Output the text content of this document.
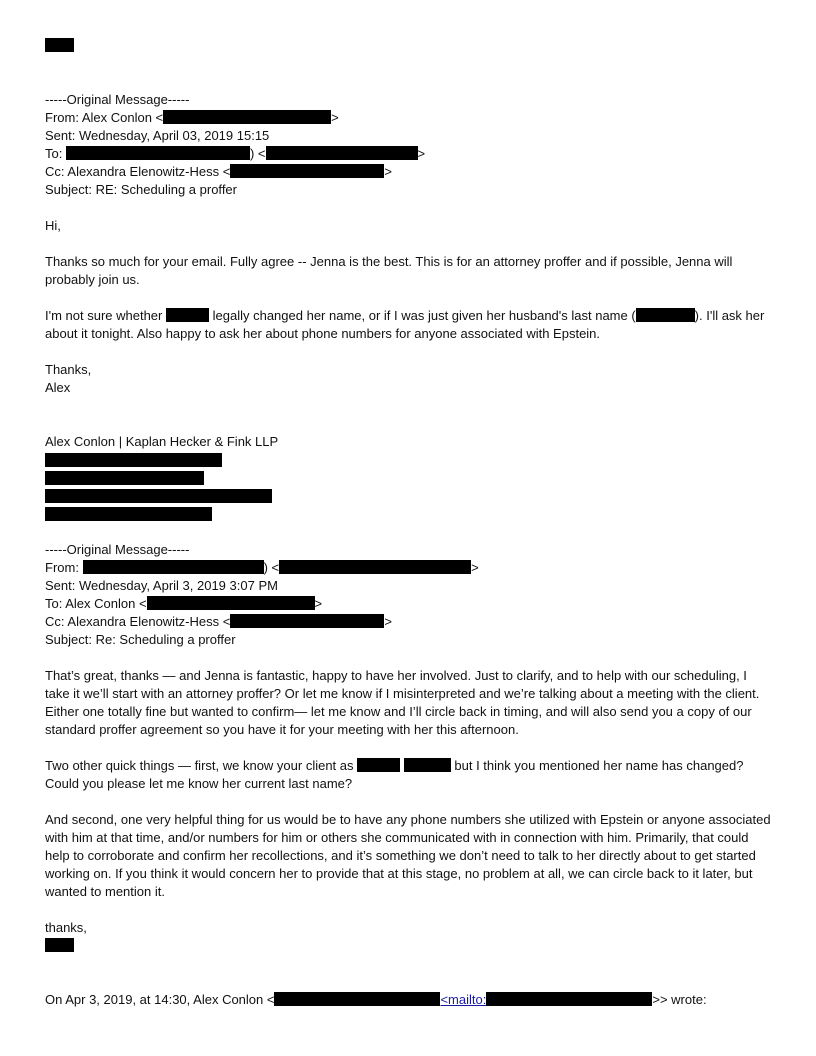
-----Original Message-----
From: Alex Conlon <	>
Sent: Wednesday, April 03, 2019 15:15
To:	) <	>
Cc: Alexandra Elenowitz-Hess <	>
Subject: RE: Scheduling a proffer
Hi,
Thanks so much for your email. Fully agree -- Jenna is the best. This is for an attorney proffer and if possible, Jenna will probably join us.
I'm not sure whether	legally changed her name, or if I was just given her husband's last name (	). I'll ask her about it tonight. Also happy to ask her about phone numbers for anyone associated with Epstein.
Thanks,
Alex
Alex Conlon | Kaplan Hecker & Fink LLP
-----Original Message-----
From:	) <	>
Sent: Wednesday, April 3, 2019 3:07 PM
To: Alex Conlon <	>
Cc: Alexandra Elenowitz-Hess <	>
Subject: Re: Scheduling a proffer
That’s great, thanks — and Jenna is fantastic, happy to have her involved. Just to clarify, and to help with our scheduling, I take it we’ll start with an attorney proffer? Or let me know if I misinterpreted and we’re talking about a meeting with the client. Either one totally fine but wanted to confirm— let me know and I’ll circle back in timing, and will also send you a copy of our standard proffer agreement so you have it for your meeting with her this afternoon.
Two other quick things — first, we know your client as	but I think you mentioned her name has changed? Could you please let me know her current last name?
And second, one very helpful thing for us would be to have any phone numbers she utilized with Epstein or anyone associated with him at that time, and/or numbers for him or others she communicated with in connection with him. Primarily, that could help to corroborate and confirm her recollections, and it’s something we don’t need to talk to her directly about to get started working on. If you think it would concern her to provide that at this stage, no problem at all, we can circle back to it later, but wanted to mention it.
thanks,
On Apr 3, 2019, at 14:30, Alex Conlon <	<mailto:	>> wrote:
